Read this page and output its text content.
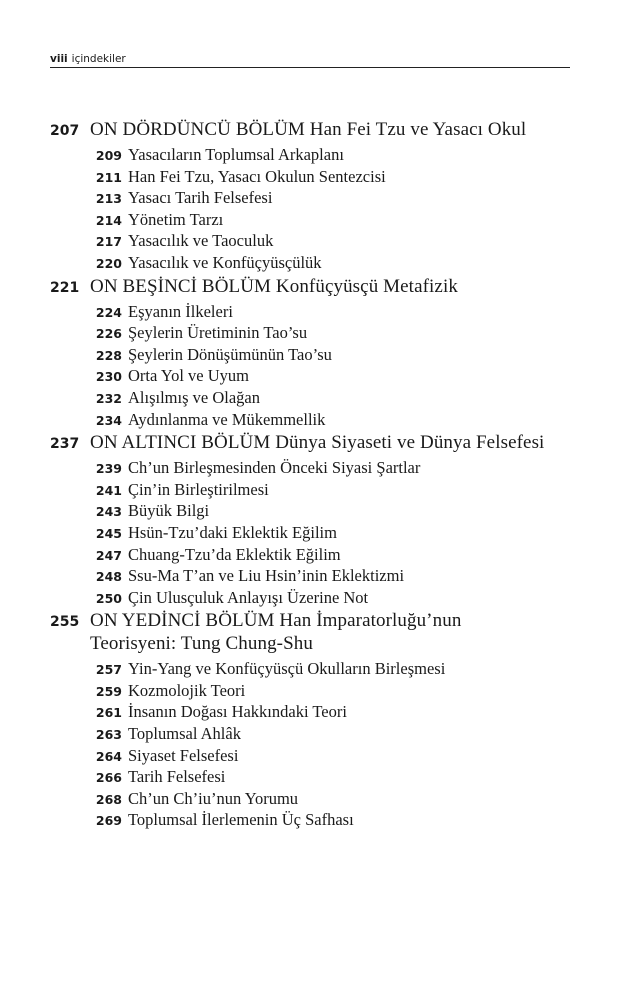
viii içindekiler
207 ON DÖRDÜNCÜ BÖLÜM Han Fei Tzu ve Yasacı Okul
209 Yasacıların Toplumsal Arkaplanı
211 Han Fei Tzu, Yasacı Okulun Sentezcisi
213 Yasacı Tarih Felsefesi
214 Yönetim Tarzı
217 Yasacılık ve Taoculuk
220 Yasacılık ve Konfüçyüsçülük
221 ON BEŞİNCİ BÖLÜM Konfüçyüsçü Metafizik
224 Eşyanın İlkeleri
226 Şeylerin Üretiminin Tao’su
228 Şeylerin Dönüşümünün Tao’su
230 Orta Yol ve Uyum
232 Alışılmış ve Olağan
234 Aydınlanma ve Mükemmellik
237 ON ALTINCI BÖLÜM Dünya Siyaseti ve Dünya Felsefesi
239 Ch’un Birleşmesinden Önceki Siyasi Şartlar
241 Çin’in Birleştirilmesi
243 Büyük Bilgi
245 Hsün-Tzu’daki Eklektik Eğilim
247 Chuang-Tzu’da Eklektik Eğilim
248 Ssu-Ma T’an ve Liu Hsin’inin Eklektizmi
250 Çin Ulusçuluk Anlayışı Üzerine Not
255 ON YEDİNCİ BÖLÜM Han İmparatorluğu’nun
Teorisyeni: Tung Chung-Shu
257 Yin-Yang ve Konfüçyüsçü Okulların Birleşmesi
259 Kozmolojik Teori
261 İnsanın Doğası Hakkındaki Teori
263 Toplumsal Ahlâk
264 Siyaset Felsefesi
266 Tarih Felsefesi
268 Ch’un Ch’iu’nun Yorumu
269 Toplumsal İlerlemenin Üç Safhası
